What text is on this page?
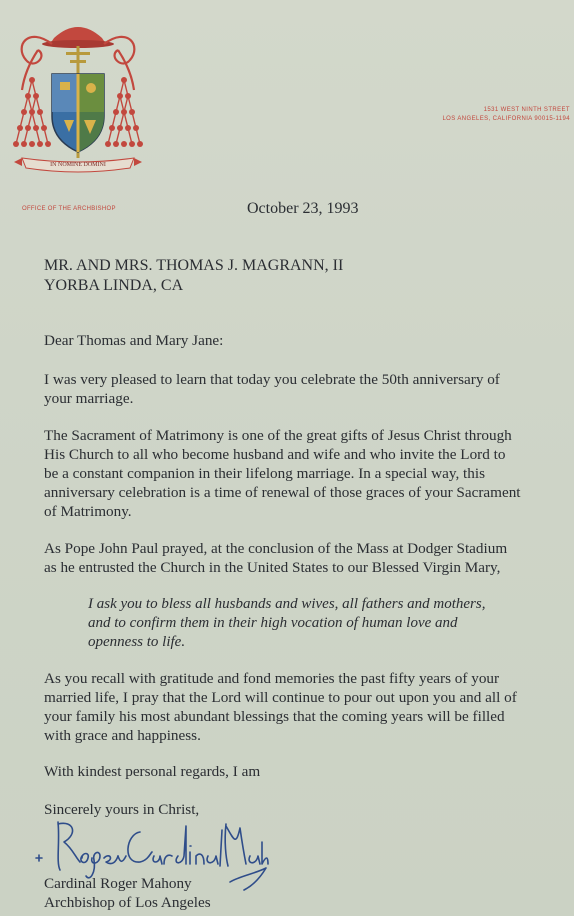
IN NOMINE DOMINI
1531 WEST NINTH STREET
LOS ANGELES, CALIFORNIA 90015-1194
OFFICE OF THE ARCHBISHOP	October 23, 1993
MR. AND MRS. THOMAS J. MAGRANN, II
YORBA LINDA, CA
Dear Thomas and Mary Jane:
I was very pleased to learn that today you celebrate the 50th anniversary of
your marriage.
The Sacrament of Matrimony is one of the great gifts of Jesus Christ through
His Church to all who become husband and wife and who invite the Lord to
be a constant companion in their lifelong marriage. In a special way, this
anniversary celebration is a time of renewal of those graces of your Sacrament
of Matrimony.
As Pope John Paul prayed, at the conclusion of the Mass at Dodger Stadium
as he entrusted the Church in the United States to our Blessed Virgin Mary,
I ask you to bless all husbands and wives, all fathers and mothers,
and to confirm them in their high vocation of human love and
openness to life.
As you recall with gratitude and fond memories the past fifty years of your
married life, I pray that the Lord will continue to pour out upon you and all of
your family his most abundant blessings that the coming years will be filled
with grace and happiness.
With kindest personal regards, I am
Sincerely yours in Christ,
Cardinal Roger Mahony
Archbishop of Los Angeles
